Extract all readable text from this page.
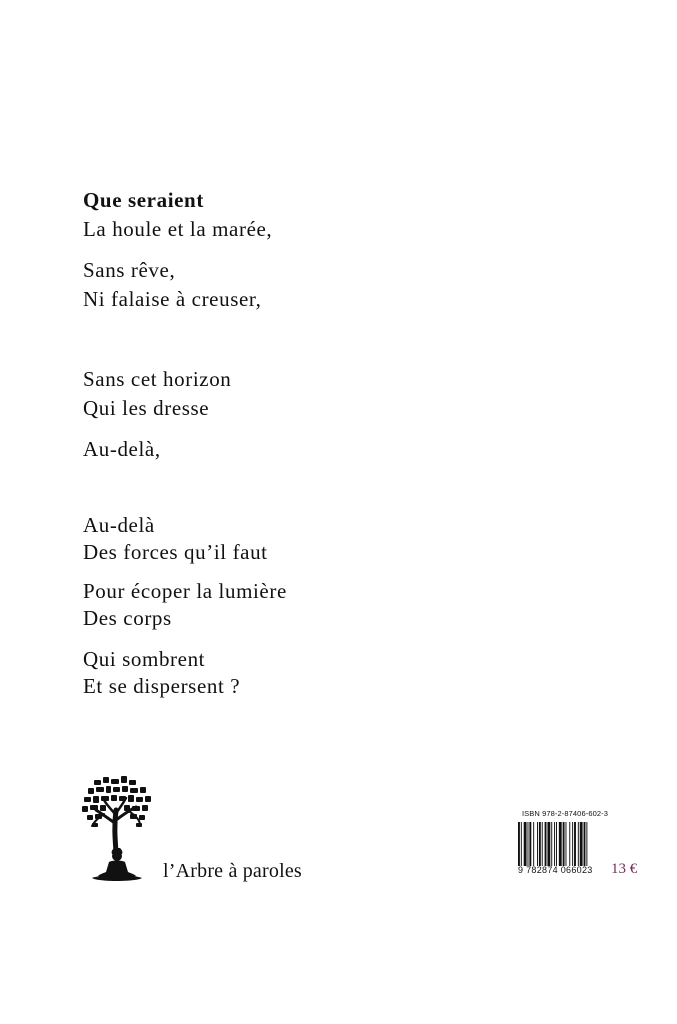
Que seraient
La houle et la marée,
Sans rêve,
Ni falaise à creuser,
Sans cet horizon
Qui les dresse
Au-delà,
Au-delà
Des forces qu’il faut
Pour écoper la lumière
Des corps
Qui sombrent
Et se dispersent ?
l’Arbre à paroles
ISBN 978-2-87406-602-3
9 782874 066023 13 €
